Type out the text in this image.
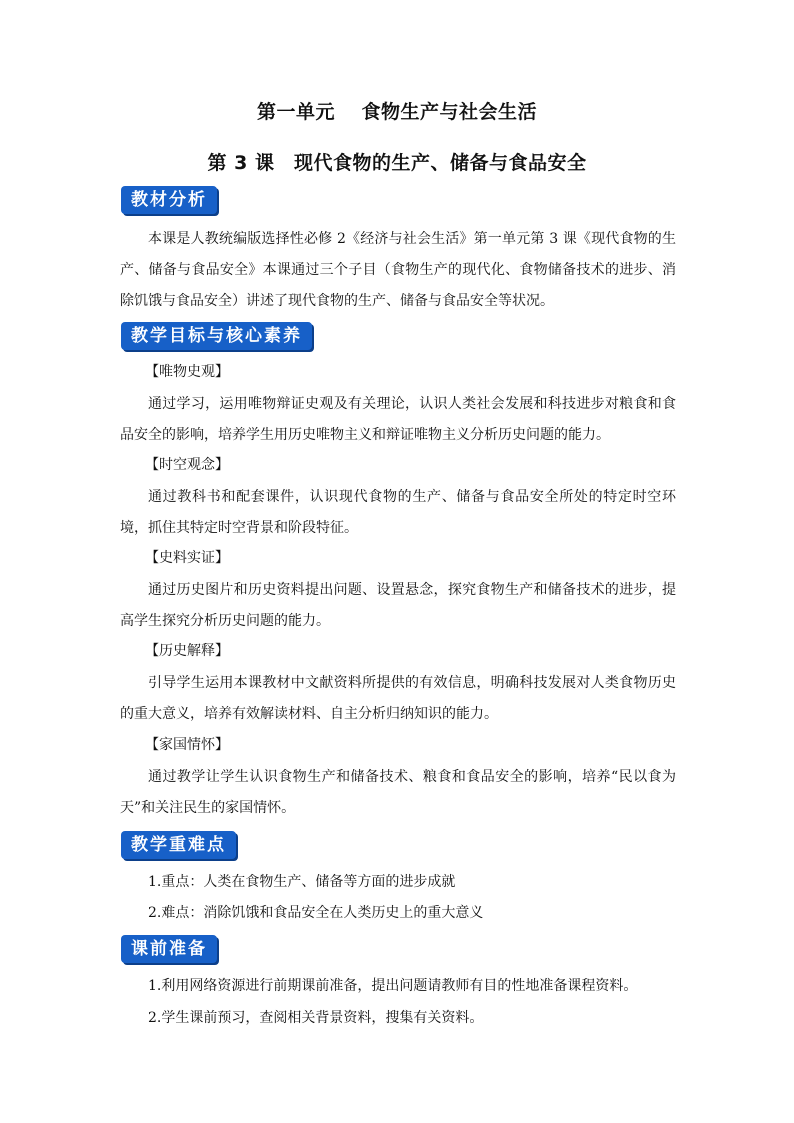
第一单元　 食物生产与社会生活
第 3 课　现代食物的生产、储备与食品安全
教材分析
本课是人教统编版选择性必修 2《经济与社会生活》第一单元第 3 课《现代食物的生产、储备与食品安全》本课通过三个子目（食物生产的现代化、食物储备技术的进步、消除饥饿与食品安全）讲述了现代食物的生产、储备与食品安全等状况。
教学目标与核心素养
【唯物史观】
通过学习，运用唯物辩证史观及有关理论，认识人类社会发展和科技进步对粮食和食品安全的影响，培养学生用历史唯物主义和辩证唯物主义分析历史问题的能力。
【时空观念】
通过教科书和配套课件，认识现代食物的生产、储备与食品安全所处的特定时空环境，抓住其特定时空背景和阶段特征。
【史料实证】
通过历史图片和历史资料提出问题、设置悬念，探究食物生产和储备技术的进步，提高学生探究分析历史问题的能力。
【历史解释】
引导学生运用本课教材中文献资料所提供的有效信息，明确科技发展对人类食物历史的重大意义，培养有效解读材料、自主分析归纳知识的能力。
【家国情怀】
通过教学让学生认识食物生产和储备技术、粮食和食品安全的影响，培养“民以食为天”和关注民生的家国情怀。
教学重难点
1.重点：人类在食物生产、储备等方面的进步成就
2.难点：消除饥饿和食品安全在人类历史上的重大意义
课前准备
1.利用网络资源进行前期课前准备，提出问题请教师有目的性地准备课程资料。
2.学生课前预习，查阅相关背景资料，搜集有关资料。
